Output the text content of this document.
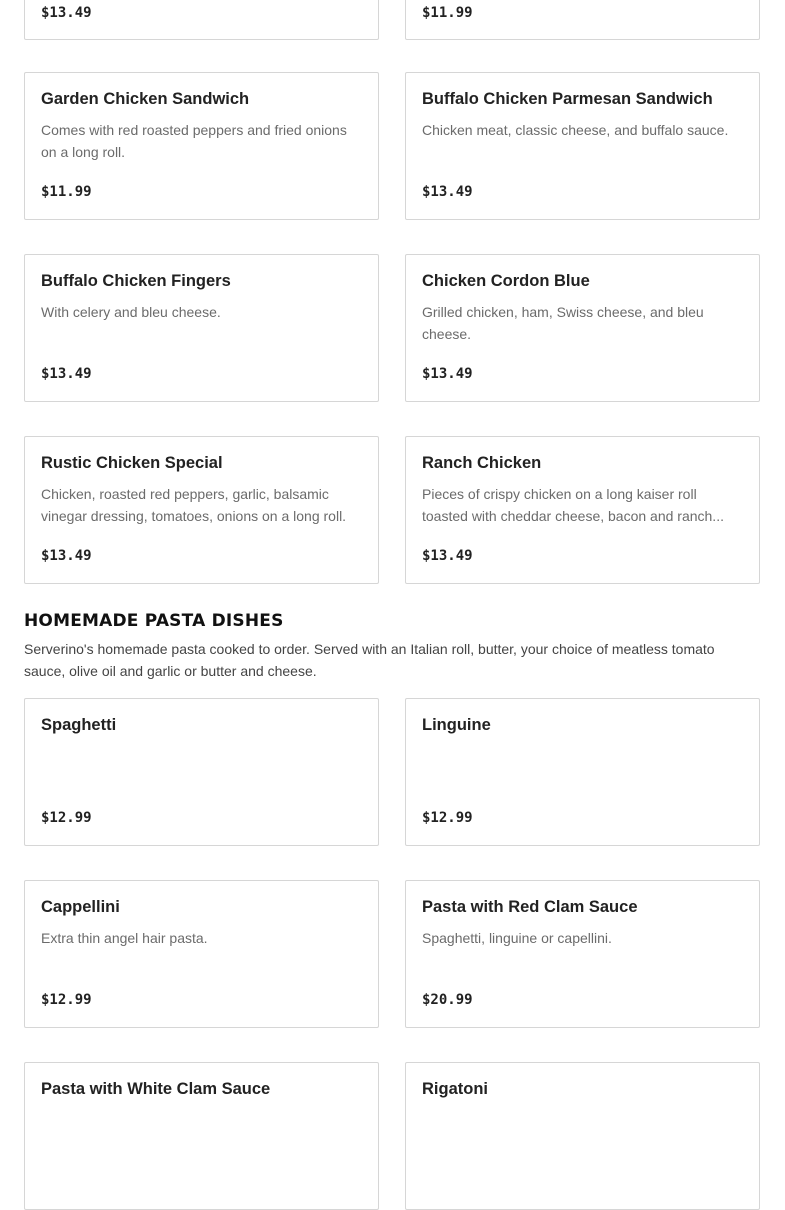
$13.49	$11.99
Garden Chicken Sandwich
Comes with red roasted peppers and fried onions on a long roll.
$11.99
Buffalo Chicken Parmesan Sandwich
Chicken meat, classic cheese, and buffalo sauce.
$13.49
Buffalo Chicken Fingers
With celery and bleu cheese.
$13.49
Chicken Cordon Blue
Grilled chicken, ham, Swiss cheese, and bleu cheese.
$13.49
Rustic Chicken Special
Chicken, roasted red peppers, garlic, balsamic vinegar dressing, tomatoes, onions on a long roll.
$13.49
Ranch Chicken
Pieces of crispy chicken on a long kaiser roll toasted with cheddar cheese, bacon and ranch...
$13.49
HOMEMADE PASTA DISHES

Serverino's homemade pasta cooked to order. Served with an Italian roll, butter, your choice of meatless tomato sauce, olive oil and garlic or butter and cheese.

Spaghetti
$12.99
Linguine
$12.99
Cappellini
Extra thin angel hair pasta.
$12.99
Pasta with Red Clam Sauce
Spaghetti, linguine or capellini.
$20.99
Pasta with White Clam Sauce	Rigatoni
